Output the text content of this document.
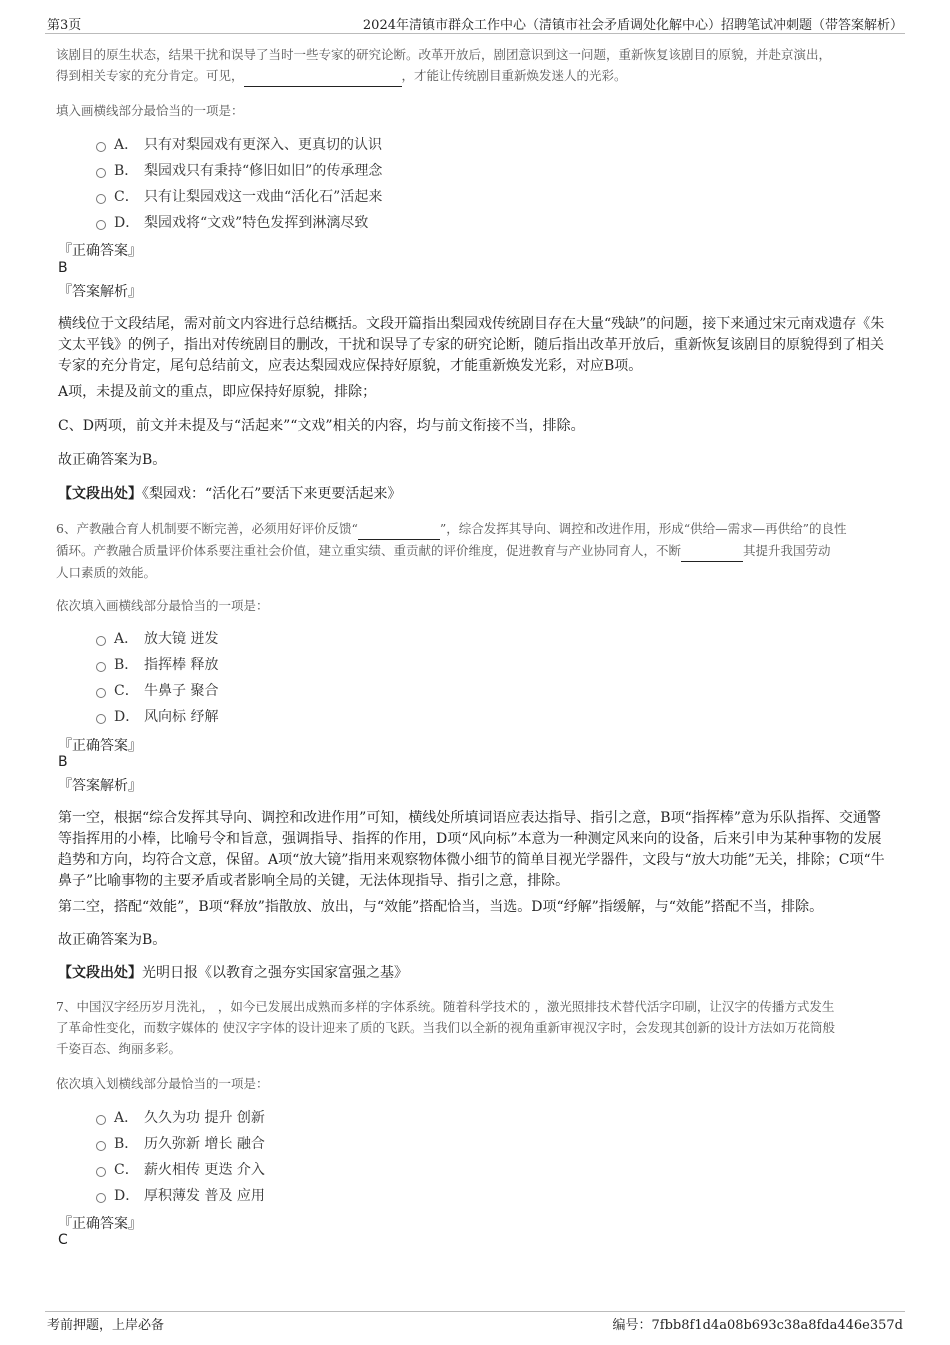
第3页	2024年清镇市群众工作中心（清镇市社会矛盾调处化解中心）招聘笔试冲刺题（带答案解析）
该剧目的原生状态，结果干扰和误导了当时一些专家的研究论断。改革开放后，剧团意识到这一问题，重新恢复该剧目的原貌，并赴京演出，
得到相关专家的充分肯定。可见，	，才能让传统剧目重新焕发迷人的光彩。
填入画横线部分最恰当的一项是：
A． 只有对梨园戏有更深入、更真切的认识
B． 梨园戏只有秉持“修旧如旧”的传承理念
C． 只有让梨园戏这一戏曲“活化石”活起来
D． 梨园戏将“文戏”特色发挥到淋漓尽致
『正确答案』
B
『答案解析』
横线位于文段结尾，需对前文内容进行总结概括。文段开篇指出梨园戏传统剧目存在大量“残缺”的问题，接下来通过宋元南戏遗存《朱文太平钱》的例子，指出对传统剧目的删改，干扰和误导了专家的研究论断，随后指出改革开放后，重新恢复该剧目的原貌得到了相关专家的充分肯定，尾句总结前文，应表达梨园戏应保持好原貌，才能重新焕发光彩，对应B项。
A项，未提及前文的重点，即应保持好原貌，排除；
C、D两项，前文并未提及与“活起来”“文戏”相关的内容，均与前文衔接不当，排除。
故正确答案为B。
【文段出处】《梨园戏：“活化石”要活下来更要活起来》
6、产教融合育人机制要不断完善，必须用好评价反馈“	”，综合发挥其导向、调控和改进作用，形成“供给—需求—再供给”的良性
循环。产教融合质量评价体系要注重社会价值，建立重实绩、重贡献的评价维度，促进教育与产业协同育人，不断	其提升我国劳动
人口素质的效能。
依次填入画横线部分最恰当的一项是：
A． 放大镜 迸发
B． 指挥棒 释放
C． 牛鼻子 聚合
D． 风向标 纾解
『正确答案』
B
『答案解析』
第一空，根据“综合发挥其导向、调控和改进作用”可知，横线处所填词语应表达指导、指引之意，B项“指挥棒”意为乐队指挥、交通警等指挥用的小棒，比喻号令和旨意，强调指导、指挥的作用，D项“风向标”本意为一种测定风来向的设备，后来引申为某种事物的发展趋势和方向，均符合文意，保留。A项“放大镜”指用来观察物体微小细节的简单目视光学器件，文段与“放大功能”无关，排除；C项“牛鼻子”比喻事物的主要矛盾或者影响全局的关键，无法体现指导、指引之意，排除。
第二空，搭配“效能”，B项“释放”指散放、放出，与“效能”搭配恰当，当选。D项“纾解”指缓解，与“效能”搭配不当，排除。
故正确答案为B。
【文段出处】光明日报《以教育之强夯实国家富强之基》
7、中国汉字经历岁月洗礼， ，如今已发展出成熟而多样的字体系统。随着科学技术的 ，激光照排技术替代活字印刷，让汉字的传播方式发生
了革命性变化，而数字媒体的 使汉字字体的设计迎来了质的飞跃。当我们以全新的视角重新审视汉字时，会发现其创新的设计方法如万花筒般
千姿百态、绚丽多彩。
依次填入划横线部分最恰当的一项是：
A． 久久为功 提升 创新
B． 历久弥新 增长 融合
C． 薪火相传 更迭 介入
D． 厚积薄发 普及 应用
『正确答案』
C
考前押题，上岸必备	编号：7fbb8f1d4a08b693c38a8fda446e357d
